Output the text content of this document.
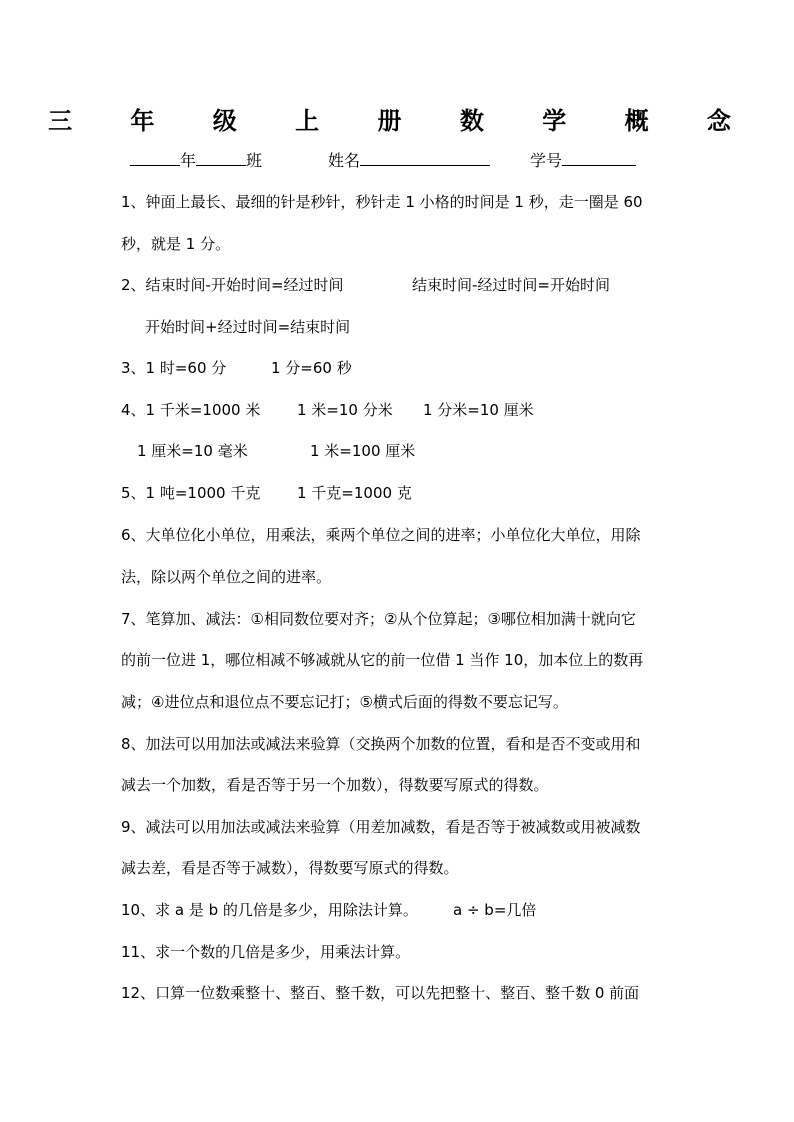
三 年 级 上 册 数 学 概 念
年	班	姓名	学号
1、钟面上最长、最细的针是秒针，秒针走 1 小格的时间是 1 秒，走一圈是 60
秒，就是 1 分。
2、结束时间-开始时间=经过时间	结束时间-经过时间=开始时间
开始时间+经过时间=结束时间
3、1 时=60 分	1 分=60 秒
4、1 千米=1000 米 1 米=10 分米 1 分米=10 厘米
1 厘米=10 毫米	1 米=100 厘米
5、1 吨=1000 千克 1 千克=1000 克
6、大单位化小单位，用乘法，乘两个单位之间的进率；小单位化大单位，用除
法，除以两个单位之间的进率。
7、笔算加、减法：①相同数位要对齐；②从个位算起；③哪位相加满十就向它
的前一位进 1，哪位相减不够减就从它的前一位借 1 当作 10，加本位上的数再
减；④进位点和退位点不要忘记打；⑤横式后面的得数不要忘记写。
8、加法可以用加法或减法来验算（交换两个加数的位置，看和是否不变或用和
减去一个加数，看是否等于另一个加数），得数要写原式的得数。
9、减法可以用加法或减法来验算（用差加减数，看是否等于被减数或用被减数
减去差，看是否等于减数），得数要写原式的得数。
10、求 a 是 b 的几倍是多少，用除法计算。 a ÷ b=几倍
11、求一个数的几倍是多少，用乘法计算。
12、口算一位数乘整十、整百、整千数，可以先把整十、整百、整千数 0 前面
